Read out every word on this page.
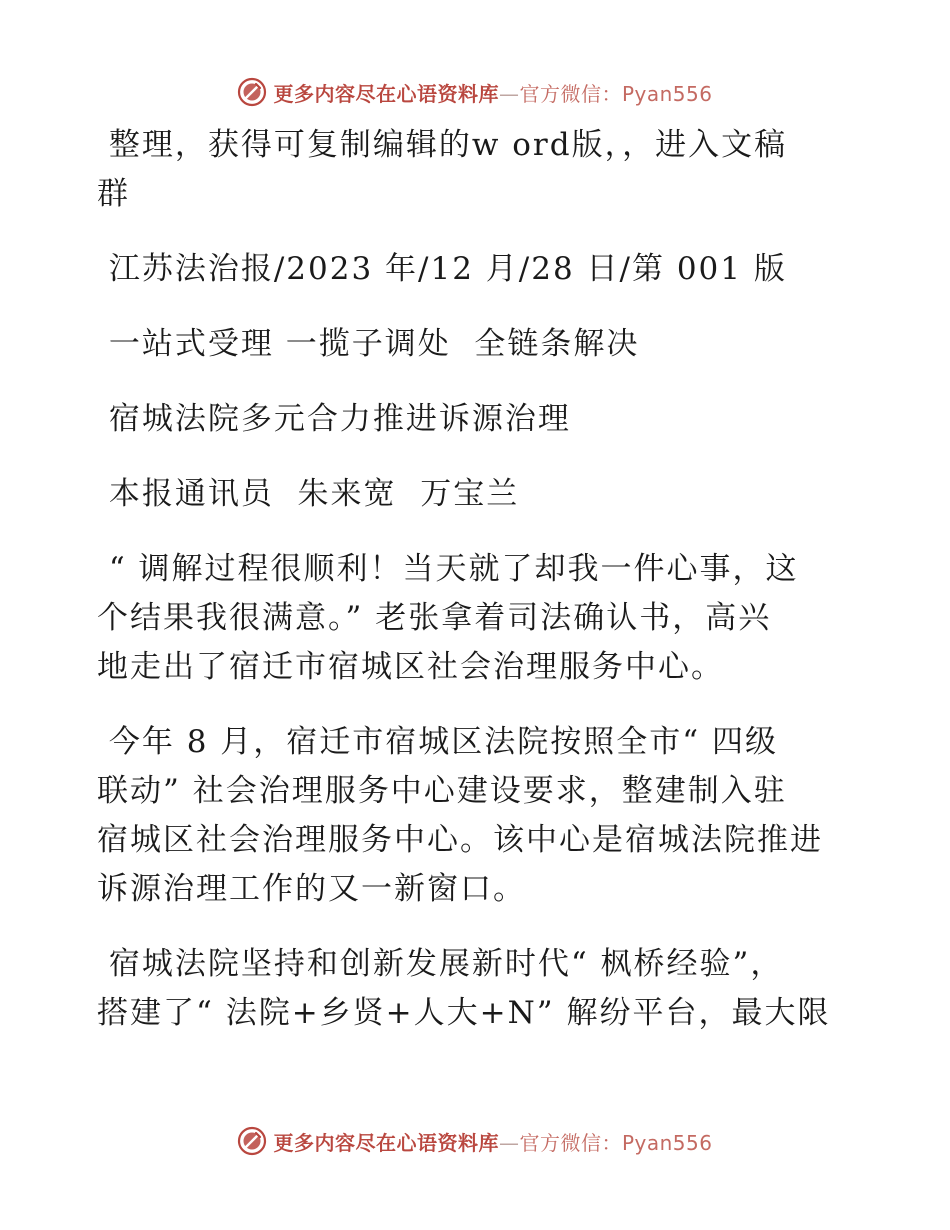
更多内容尽在心语资料库—官方微信：Pyan556
整理，获得可复制编辑的w ord版，，进入文稿
群
江苏法治报/2023 年/12 月/28 日/第 001 版
一站式受理 一揽子调处  全链条解决
宿城法院多元合力推进诉源治理
本报通讯员  朱来宽  万宝兰
“ 调解过程很顺利！当天就了却我一件心事，这
个结果我很满意。” 老张拿着司法确认书，高兴
地走出了宿迁市宿城区社会治理服务中心。
今年 8 月，宿迁市宿城区法院按照全市“ 四级
联动” 社会治理服务中心建设要求，整建制入驻
宿城区社会治理服务中心。该中心是宿城法院推进
诉源治理工作的又一新窗口。
宿城法院坚持和创新发展新时代“ 枫桥经验”，
搭建了“ 法院+乡贤+人大+N” 解纷平台，最大限
更多内容尽在心语资料库—官方微信：Pyan556
